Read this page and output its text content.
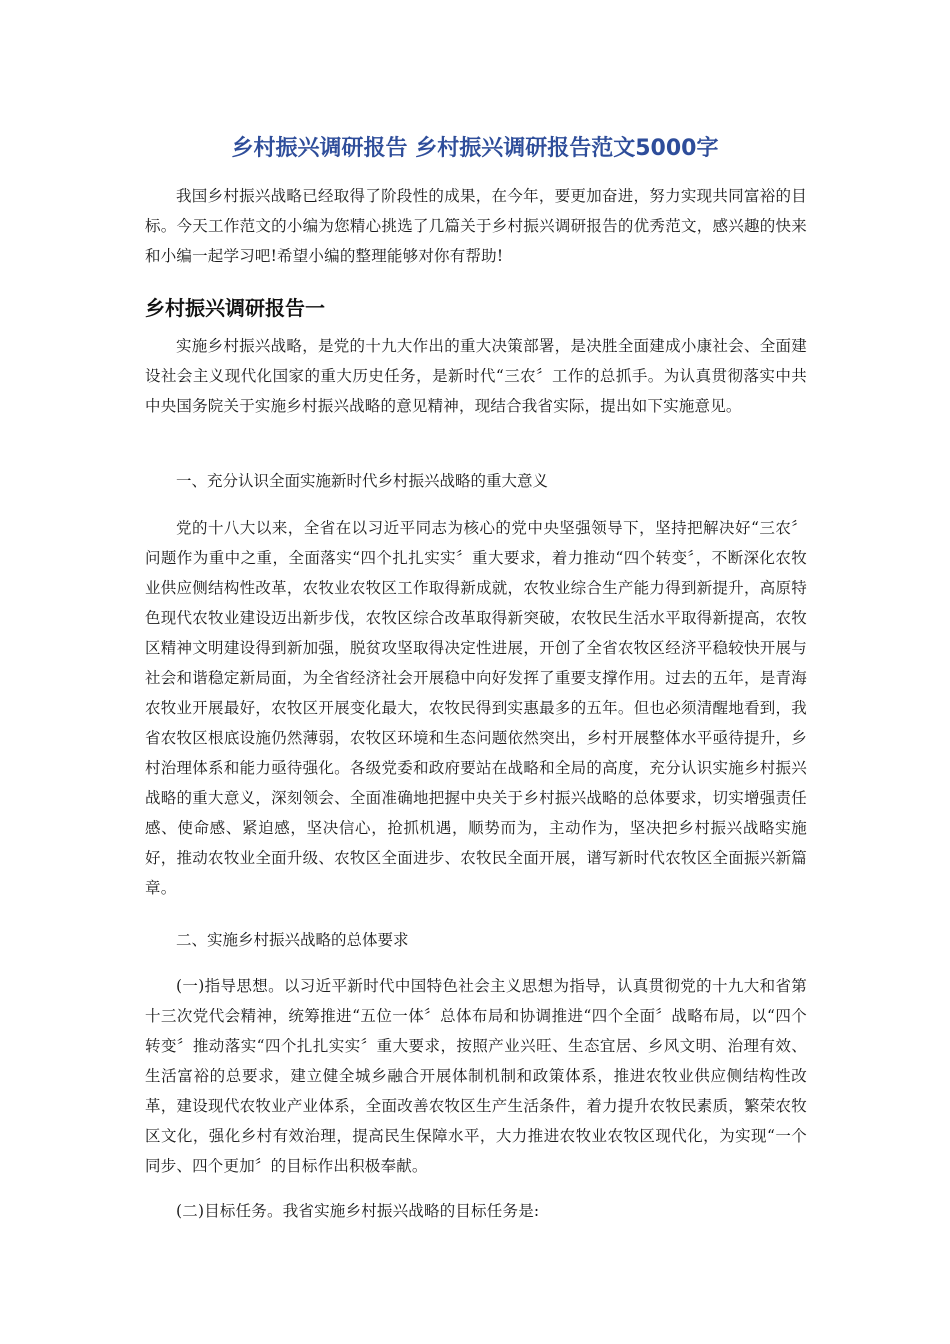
乡村振兴调研报告 乡村振兴调研报告范文5000字

我国乡村振兴战略已经取得了阶段性的成果，在今年，要更加奋进，努力实现共同富裕的目标。今天工作范文的小编为您精心挑选了几篇关于乡村振兴调研报告的优秀范文，感兴趣的快来和小编一起学习吧!希望小编的整理能够对你有帮助!

乡村振兴调研报告一

实施乡村振兴战略，是党的十九大作出的重大决策部署，是决胜全面建成小康社会、全面建设社会主义现代化国家的重大历史任务，是新时代“三农〞工作的总抓手。为认真贯彻落实中共中央国务院关于实施乡村振兴战略的意见精神，现结合我省实际，提出如下实施意见。

一、充分认识全面实施新时代乡村振兴战略的重大意义

党的十八大以来，全省在以习近平同志为核心的党中央坚强领导下，坚持把解决好“三农〞问题作为重中之重，全面落实“四个扎扎实实〞重大要求，着力推动“四个转变〞，不断深化农牧业供应侧结构性改革，农牧业农牧区工作取得新成就，农牧业综合生产能力得到新提升，高原特色现代农牧业建设迈出新步伐，农牧区综合改革取得新突破，农牧民生活水平取得新提高，农牧区精神文明建设得到新加强，脱贫攻坚取得决定性进展，开创了全省农牧区经济平稳较快开展与社会和谐稳定新局面，为全省经济社会开展稳中向好发挥了重要支撑作用。过去的五年，是青海农牧业开展最好，农牧区开展变化最大，农牧民得到实惠最多的五年。但也必须清醒地看到，我省农牧区根底设施仍然薄弱，农牧区环境和生态问题依然突出，乡村开展整体水平亟待提升，乡村治理体系和能力亟待强化。各级党委和政府要站在战略和全局的高度，充分认识实施乡村振兴战略的重大意义，深刻领会、全面准确地把握中央关于乡村振兴战略的总体要求，切实增强责任感、使命感、紧迫感，坚决信心，抢抓机遇，顺势而为，主动作为，坚决把乡村振兴战略实施好，推动农牧业全面升级、农牧区全面进步、农牧民全面开展，谱写新时代农牧区全面振兴新篇章。

二、实施乡村振兴战略的总体要求

(一)指导思想。以习近平新时代中国特色社会主义思想为指导，认真贯彻党的十九大和省第十三次党代会精神，统筹推进“五位一体〞总体布局和协调推进“四个全面〞战略布局，以“四个转变〞推动落实“四个扎扎实实〞重大要求，按照产业兴旺、生态宜居、乡风文明、治理有效、生活富裕的总要求，建立健全城乡融合开展体制机制和政策体系，推进农牧业供应侧结构性改革，建设现代农牧业产业体系，全面改善农牧区生产生活条件，着力提升农牧民素质，繁荣农牧区文化，强化乡村有效治理，提高民生保障水平，大力推进农牧业农牧区现代化，为实现“一个同步、四个更加〞的目标作出积极奉献。

(二)目标任务。我省实施乡村振兴战略的目标任务是:
